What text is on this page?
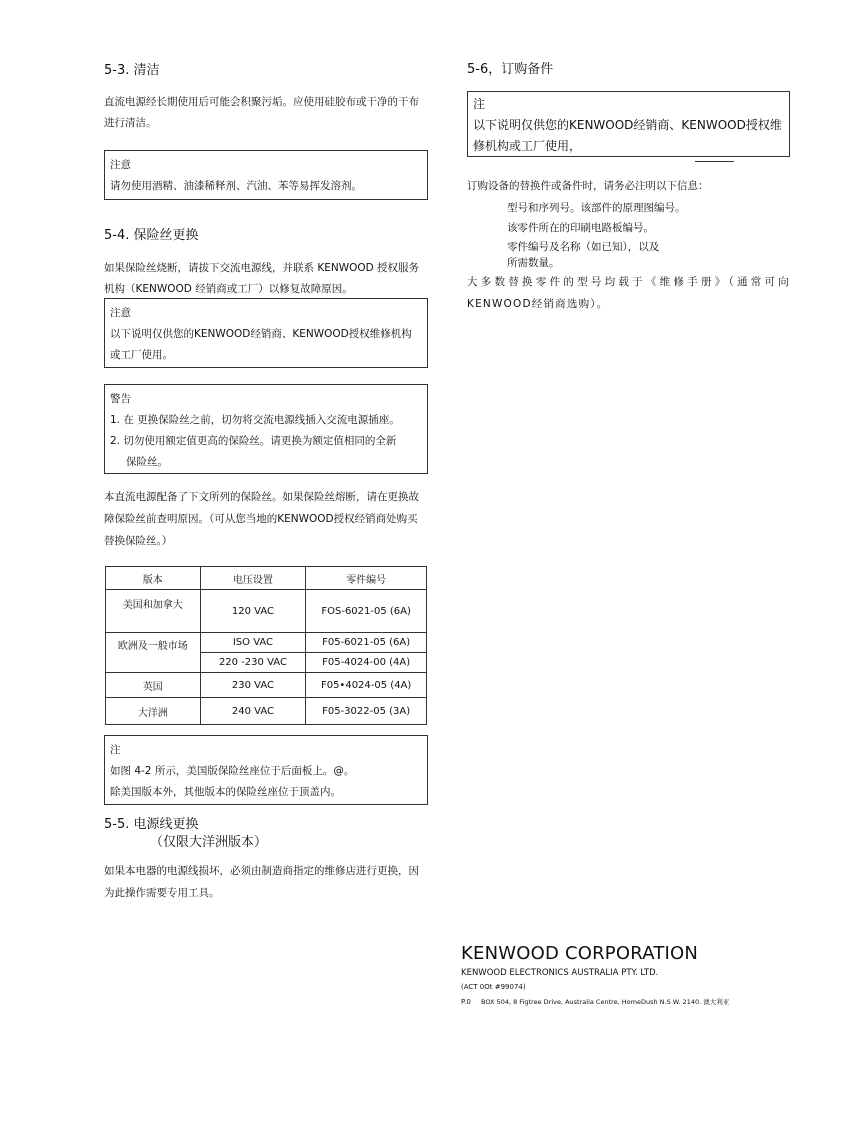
5-3. 清洁
直流电源经长期使用后可能会积聚污垢。应使用硅胶布或干净的干布进行清洁。
注意
请勿使用酒精、油漆稀释剂、汽油、苯等易挥发溶剂。
5-4. 保险丝更换
如果保险丝烧断，请拔下交流电源线，并联系 KENWOOD 授权服务机构（KENWOOD 经销商或工厂）以修复故障原因。
注意
以下说明仅供您的KENWOOD经销商、KENWOOD授权维修机构或工厂使用。
警告
1. 在 更换保险丝之前，切勿将交流电源线插入交流电源插座。
2. 切勿使用额定值更高的保险丝。请更换为额定值相同的全新
保险丝。
本直流电源配备了下文所列的保险丝。如果保险丝熔断，请在更换故障保险丝前查明原因。（可从您当地的KENWOOD授权经销商处购买替换保险丝。）
版本	电压设置	零件编号
美国和加拿大	120 VAC	FOS-6021-05 (6A)
欧洲及一般市场	ISO VAC	F05-6021-05 (6A)
	220 -230 VAC	F05-4024-00 (4A)
英国	230 VAC	F05•4024-05 (4A)
大洋洲	240 VAC	F05-3022-05 (3A)
注
如图 4-2 所示，美国版保险丝座位于后面板上。@。
除美国版本外，其他版本的保险丝座位于顶盖内。
5-5. 电源线更换
（仅限大洋洲版本）
如果本电器的电源线损坏，必须由制造商指定的维修店进行更换，因为此操作需要专用工具。
5-6，订购备件
注
以下说明仅供您的KENWOOD经销商、KENWOOD授权维修机构或工厂使用，
订购设备的替换件或备件时，请务必注明以下信息：
型号和序列号。该部件的原理图编号。
该零件所在的印刷电路板编号。
零件编号及名称（如已知），以及
所需数量。
大多数替换零件的型号均载于《维修手册》（通常可向KENWOOD经销商选购）。
KENWOOD CORPORATION
KENWOOD ELECTRONICS AUSTRALIA PTY. LTD.
(ACT 0Ot #99074)
P.0 BOX 504, 8 Figtree Drive, Australia Centre, HomeDush N.S W. 2140. 澳大利亚
